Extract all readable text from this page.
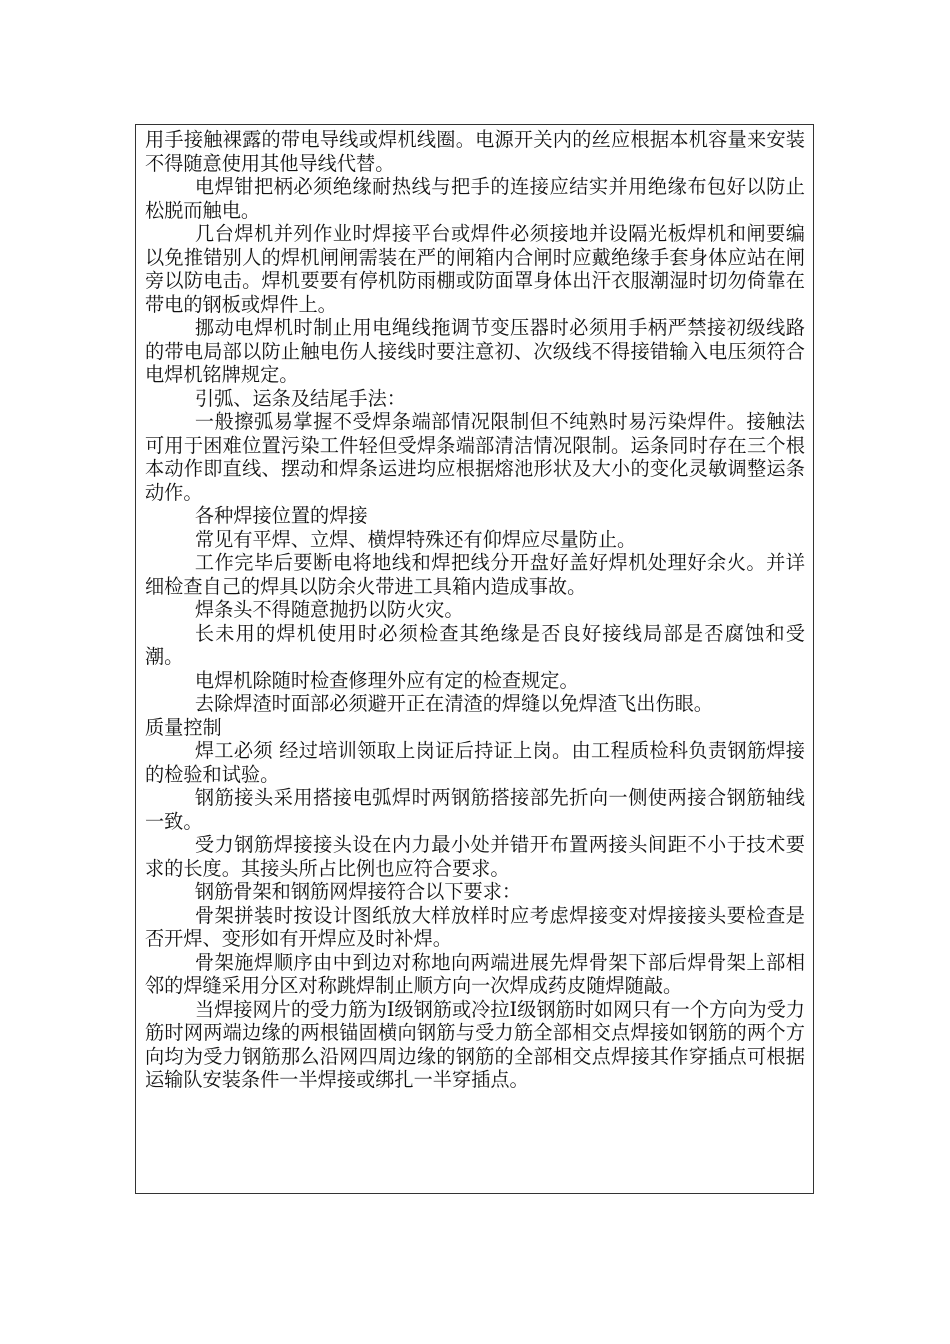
用手接触裸露的带电导线或焊机线圈。电源开关内的丝应根据本机容量来安装不得随意使用其他导线代替。

电焊钳把柄必须绝缘耐热线与把手的连接应结实并用绝缘布包好以防止松脱而触电。

几台焊机并列作业时焊接平台或焊件必须接地并设隔光板焊机和闸要编以免推错别人的焊机闸闸需装在严的闸箱内合闸时应戴绝缘手套身体应站在闸旁以防电击。焊机要要有停机防雨棚或防面罩身体出汗衣服潮湿时切勿倚靠在带电的钢板或焊件上。

挪动电焊机时制止用电绳线拖调节变压器时必须用手柄严禁接初级线路的带电局部以防止触电伤人接线时要注意初、次级线不得接错输入电压须符合电焊机铭牌规定。

引弧、运条及结尾手法：

一般擦弧易掌握不受焊条端部情况限制但不纯熟时易污染焊件。接触法可用于困难位置污染工件轻但受焊条端部清洁情况限制。运条同时存在三个根本动作即直线、摆动和焊条运进均应根据熔池形状及大小的变化灵敏调整运条动作。

各种焊接位置的焊接

常见有平焊、立焊、横焊特殊还有仰焊应尽量防止。

工作完毕后要断电将地线和焊把线分开盘好盖好焊机处理好余火。并详细检查自己的焊具以防余火带进工具箱内造成事故。

焊条头不得随意抛扔以防火灾。

长未用的焊机使用时必须检查其绝缘是否良好接线局部是否腐蚀和受潮。

电焊机除随时检查修理外应有定的检查规定。

去除焊渣时面部必须避开正在清渣的焊缝以免焊渣飞出伤眼。

质量控制

焊工必须 经过培训领取上岗证后持证上岗。由工程质检科负责钢筋焊接的检验和试验。

钢筋接头采用搭接电弧焊时两钢筋搭接部先折向一侧使两接合钢筋轴线一致。

受力钢筋焊接接头设在内力最小处并错开布置两接头间距不小于技术要求的长度。其接头所占比例也应符合要求。

钢筋骨架和钢筋网焊接符合以下要求：

骨架拼装时按设计图纸放大样放样时应考虑焊接变对焊接接头要检查是否开焊、变形如有开焊应及时补焊。

骨架施焊顺序由中到边对称地向两端进展先焊骨架下部后焊骨架上部相邻的焊缝采用分区对称跳焊制止顺方向一次焊成药皮随焊随敲。

当焊接网片的受力筋为I级钢筋或冷拉I级钢筋时如网只有一个方向为受力筋时网两端边缘的两根锚固横向钢筋与受力筋全部相交点焊接如钢筋的两个方向均为受力钢筋那么沿网四周边缘的钢筋的全部相交点焊接其作穿插点可根据运输队安装条件一半焊接或绑扎一半穿插点。
